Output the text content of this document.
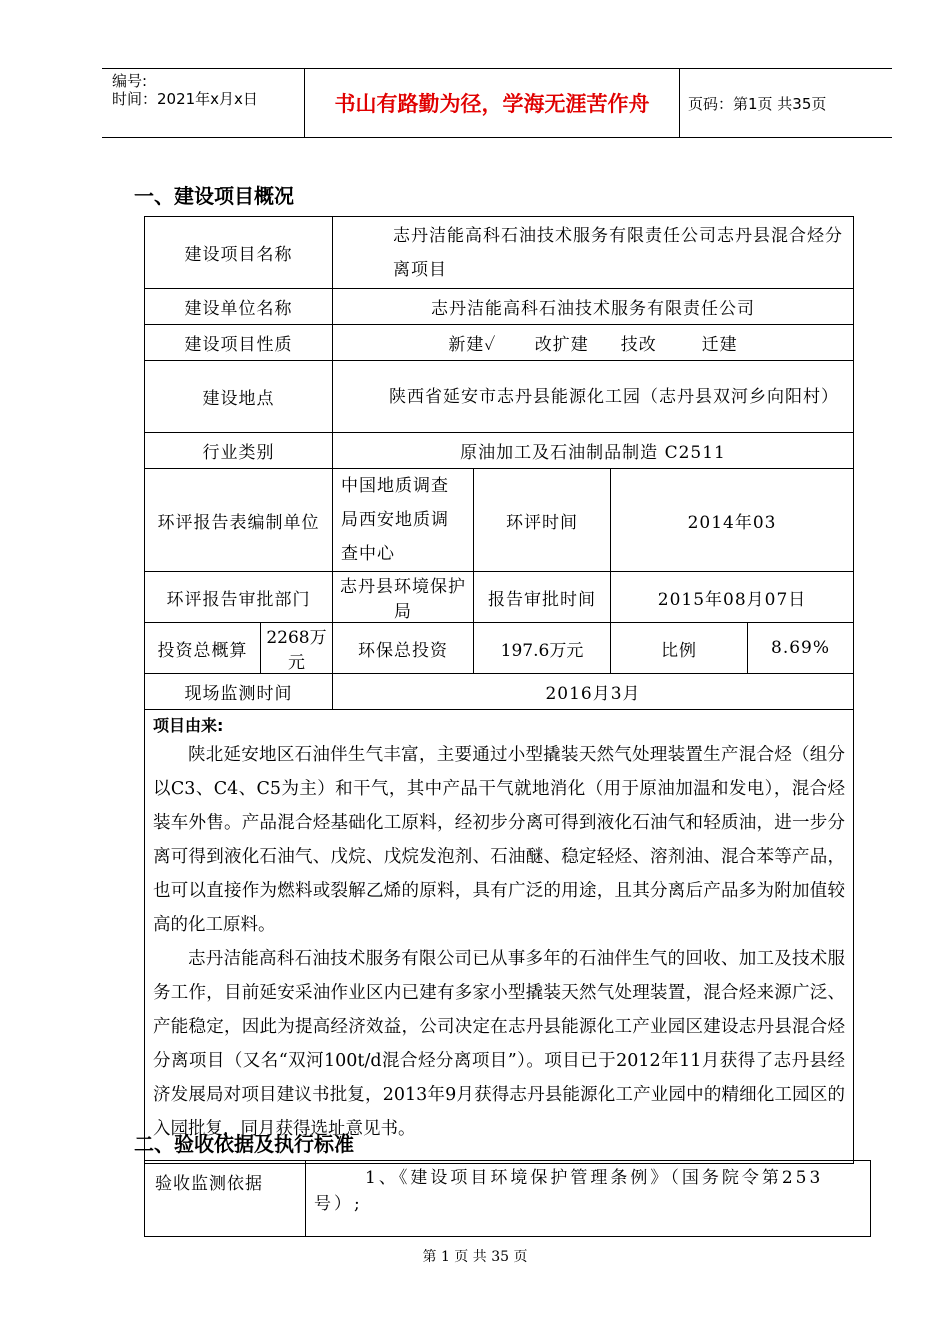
编号:
时间：2021年x月x日	书山有路勤为径，学海无涯苦作舟	页码：第1页 共35页
一、建设项目概况
建设项目名称		志丹洁能高科石油技术服务有限责任公司志丹县混合烃分离项目			
建设单位名称		志丹洁能高科石油技术服务有限责任公司			
建设项目性质		新建✓      改扩建     技改       迁建			
建设地点		陕西省延安市志丹县能源化工园（志丹县双河乡向阳村）			
行业类别		原油加工及石油制品制造 C2511			
环评报告表编制单位		中国地质调查局西安地质调查中心	环评时间	2014年03	
环评报告审批部门		志丹县环境保护局	报告审批时间	2015年08月07日	
投资总概算	2268万元	环保总投资	197.6万元	比例	8.69%
现场监测时间		2016月3月			

项目由来:

陕北延安地区石油伴生气丰富，主要通过小型撬装天然气处理装置生产混合烃（组分以C3、C4、C5为主）和干气，其中产品干气就地消化（用于原油加温和发电），混合烃装车外售。产品混合烃基础化工原料，经初步分离可得到液化石油气和轻质油，进一步分离可得到液化石油气、戊烷、戊烷发泡剂、石油醚、稳定轻烃、溶剂油、混合苯等产品，也可以直接作为燃料或裂解乙烯的原料，具有广泛的用途，且其分离后产品多为附加值较高的化工原料。

志丹洁能高科石油技术服务有限公司已从事多年的石油伴生气的回收、加工及技术服务工作，目前延安采油作业区内已建有多家小型撬装天然气处理装置，混合烃来源广泛、产能稳定，因此为提高经济效益，公司决定在志丹县能源化工产业园区建设志丹县混合烃分离项目（又名“双河100t/d混合烃分离项目”）。项目已于2012年11月获得了志丹县经济发展局对项目建议书批复，2013年9月获得志丹县能源化工产业园中的精细化工园区的入园批复，同月获得选址意见书。					

二、验收依据及执行标准
验收监测依据	1、《建设项目环境保护管理条例》（国务院令第253号）;
第 1 页 共 35 页
